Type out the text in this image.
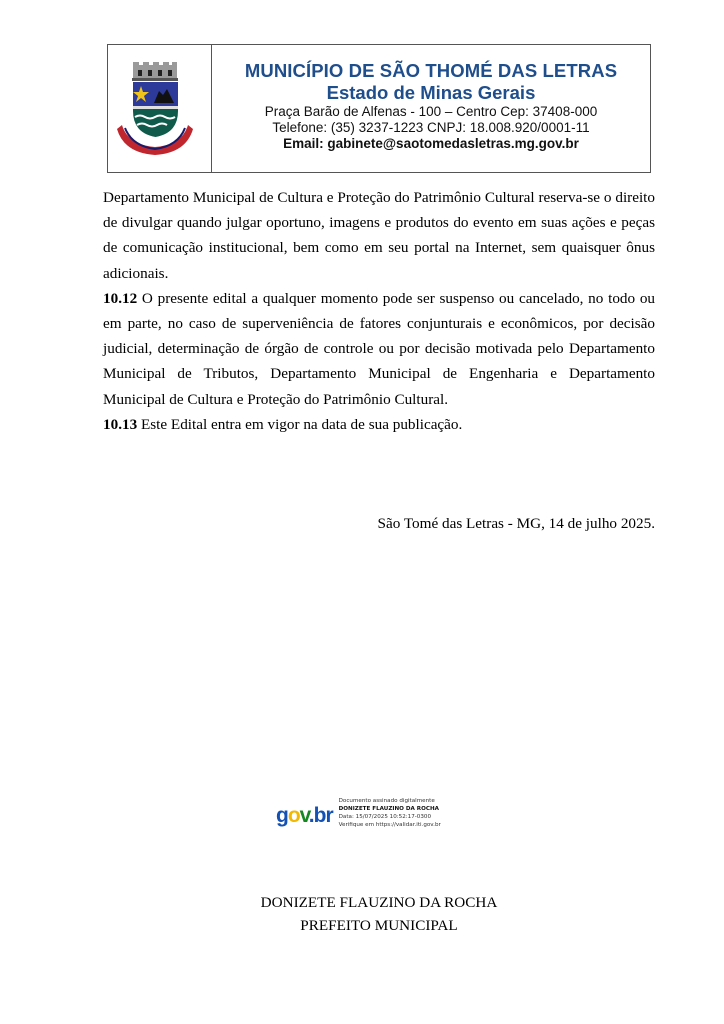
MUNICÍPIO DE SÃO THOMÉ DAS LETRAS
Estado de Minas Gerais
Praça Barão de Alfenas - 100 – Centro Cep: 37408-000
Telefone: (35) 3237-1223 CNPJ: 18.008.920/0001-11
Email: gabinete@saotomedasletras.mg.gov.br

Departamento Municipal de Cultura e Proteção do Patrimônio Cultural reserva-se o direito de divulgar quando julgar oportuno, imagens e produtos do evento em suas ações e peças de comunicação institucional, bem como em seu portal na Internet, sem quaisquer ônus adicionais.

10.12 O presente edital a qualquer momento pode ser suspenso ou cancelado, no todo ou em parte, no caso de superveniência de fatores conjunturais e econômicos, por decisão judicial, determinação de órgão de controle ou por decisão motivada pelo Departamento Municipal de Tributos, Departamento Municipal de Engenharia e Departamento Municipal de Cultura e Proteção do Patrimônio Cultural.

10.13 Este Edital entra em vigor na data de sua publicação.

São Tomé das Letras - MG, 14 de julho 2025.
gov.br
Documento assinado digitalmente
DONIZETE FLAUZINO DA ROCHA
Data: 15/07/2025 10:52:17-0300
Verifique em https://validar.iti.gov.br
DONIZETE FLAUZINO DA ROCHA
PREFEITO MUNICIPAL
